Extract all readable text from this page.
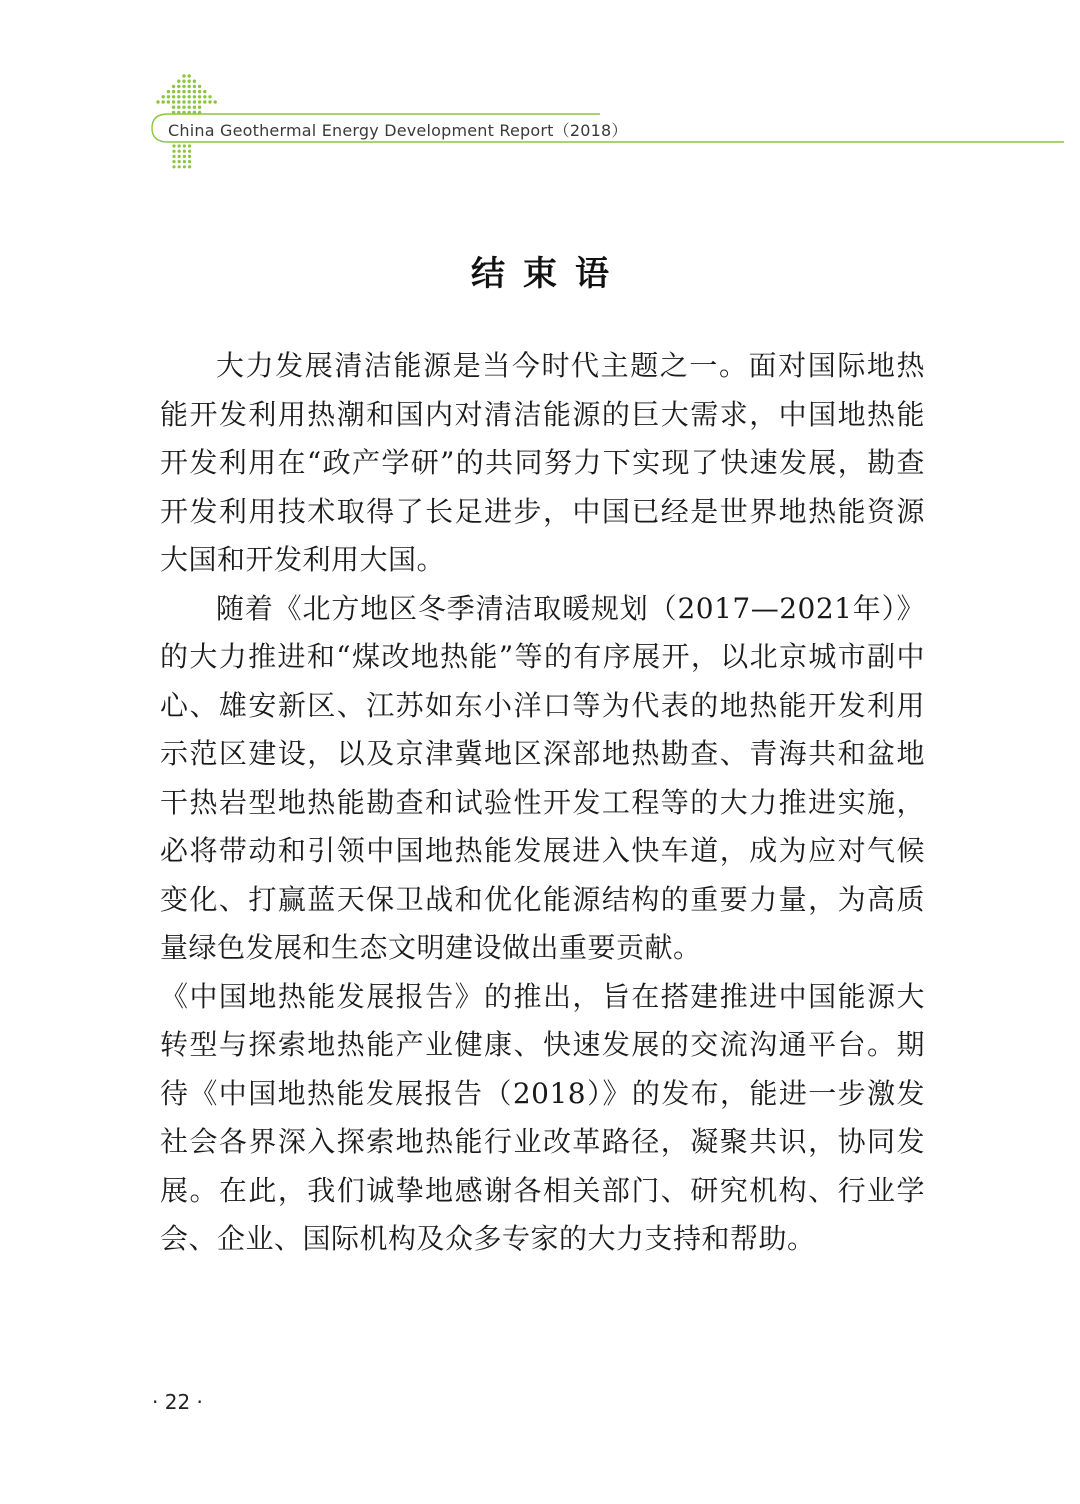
China Geothermal Energy Development Report（2018）
结束语

大力发展清洁能源是当今时代主题之一。面对国际地热能开发利用热潮和国内对清洁能源的巨大需求，中国地热能开发利用在“政产学研”的共同努力下实现了快速发展，勘查开发利用技术取得了长足进步，中国已经是世界地热能资源大国和开发利用大国。

随着《北方地区冬季清洁取暖规划（2017—2021年）》的大力推进和“煤改地热能”等的有序展开，以北京城市副中心、雄安新区、江苏如东小洋口等为代表的地热能开发利用示范区建设，以及京津冀地区深部地热勘查、青海共和盆地干热岩型地热能勘查和试验性开发工程等的大力推进实施，必将带动和引领中国地热能发展进入快车道，成为应对气候变化、打赢蓝天保卫战和优化能源结构的重要力量，为高质量绿色发展和生态文明建设做出重要贡献。

《中国地热能发展报告》的推出，旨在搭建推进中国能源大转型与探索地热能产业健康、快速发展的交流沟通平台。期待《中国地热能发展报告（2018）》的发布，能进一步激发社会各界深入探索地热能行业改革路径，凝聚共识，协同发展。在此，我们诚挚地感谢各相关部门、研究机构、行业学会、企业、国际机构及众多专家的大力支持和帮助。

· 22 ·
